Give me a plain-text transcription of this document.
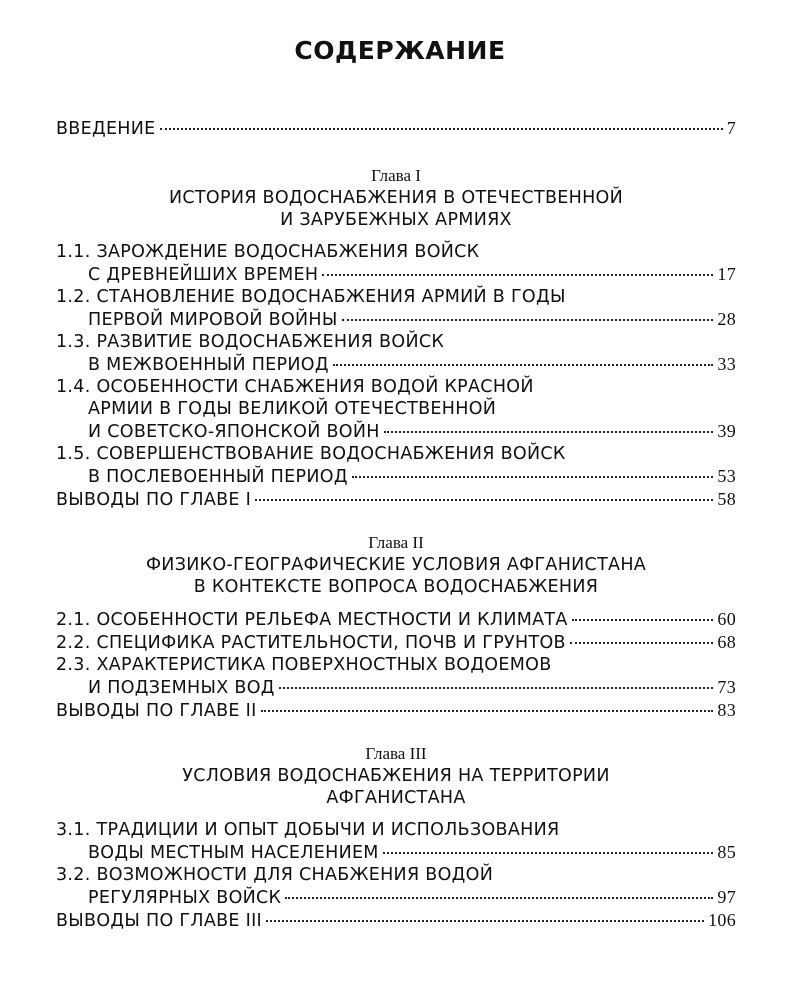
СОДЕРЖАНИЕ
ВВЕДЕНИЕ	7
Глава I
ИСТОРИЯ ВОДОСНАБЖЕНИЯ В ОТЕЧЕСТВЕННОЙ
И ЗАРУБЕЖНЫХ АРМИЯХ
1.1. ЗАРОЖДЕНИЕ ВОДОСНАБЖЕНИЯ ВОЙСК
С ДРЕВНЕЙШИХ ВРЕМЕН	17
1.2. СТАНОВЛЕНИЕ ВОДОСНАБЖЕНИЯ АРМИЙ В ГОДЫ
ПЕРВОЙ МИРОВОЙ ВОЙНЫ	28
1.3. РАЗВИТИЕ ВОДОСНАБЖЕНИЯ ВОЙСК
В МЕЖВОЕННЫЙ ПЕРИОД	33
1.4. ОСОБЕННОСТИ СНАБЖЕНИЯ ВОДОЙ КРАСНОЙ
АРМИИ В ГОДЫ ВЕЛИКОЙ ОТЕЧЕСТВЕННОЙ
И СОВЕТСКО-ЯПОНСКОЙ ВОЙН	39
1.5. СОВЕРШЕНСТВОВАНИЕ ВОДОСНАБЖЕНИЯ ВОЙСК
В ПОСЛЕВОЕННЫЙ ПЕРИОД	53
ВЫВОДЫ ПО ГЛАВЕ I	58
Глава II
ФИЗИКО-ГЕОГРАФИЧЕСКИЕ УСЛОВИЯ АФГАНИСТАНА
В КОНТЕКСТЕ ВОПРОСА ВОДОСНАБЖЕНИЯ
2.1. ОСОБЕННОСТИ РЕЛЬЕФА МЕСТНОСТИ И КЛИМАТА	60
2.2. СПЕЦИФИКА РАСТИТЕЛЬНОСТИ, ПОЧВ И ГРУНТОВ	68
2.3. ХАРАКТЕРИСТИКА ПОВЕРХНОСТНЫХ ВОДОЕМОВ
И ПОДЗЕМНЫХ ВОД	73
ВЫВОДЫ ПО ГЛАВЕ II	83
Глава III
УСЛОВИЯ ВОДОСНАБЖЕНИЯ НА ТЕРРИТОРИИ
АФГАНИСТАНА
3.1. ТРАДИЦИИ И ОПЫТ ДОБЫЧИ И ИСПОЛЬЗОВАНИЯ
ВОДЫ МЕСТНЫМ НАСЕЛЕНИЕМ	85
3.2. ВОЗМОЖНОСТИ ДЛЯ СНАБЖЕНИЯ ВОДОЙ
РЕГУЛЯРНЫХ ВОЙСК	97
ВЫВОДЫ ПО ГЛАВЕ III	106
